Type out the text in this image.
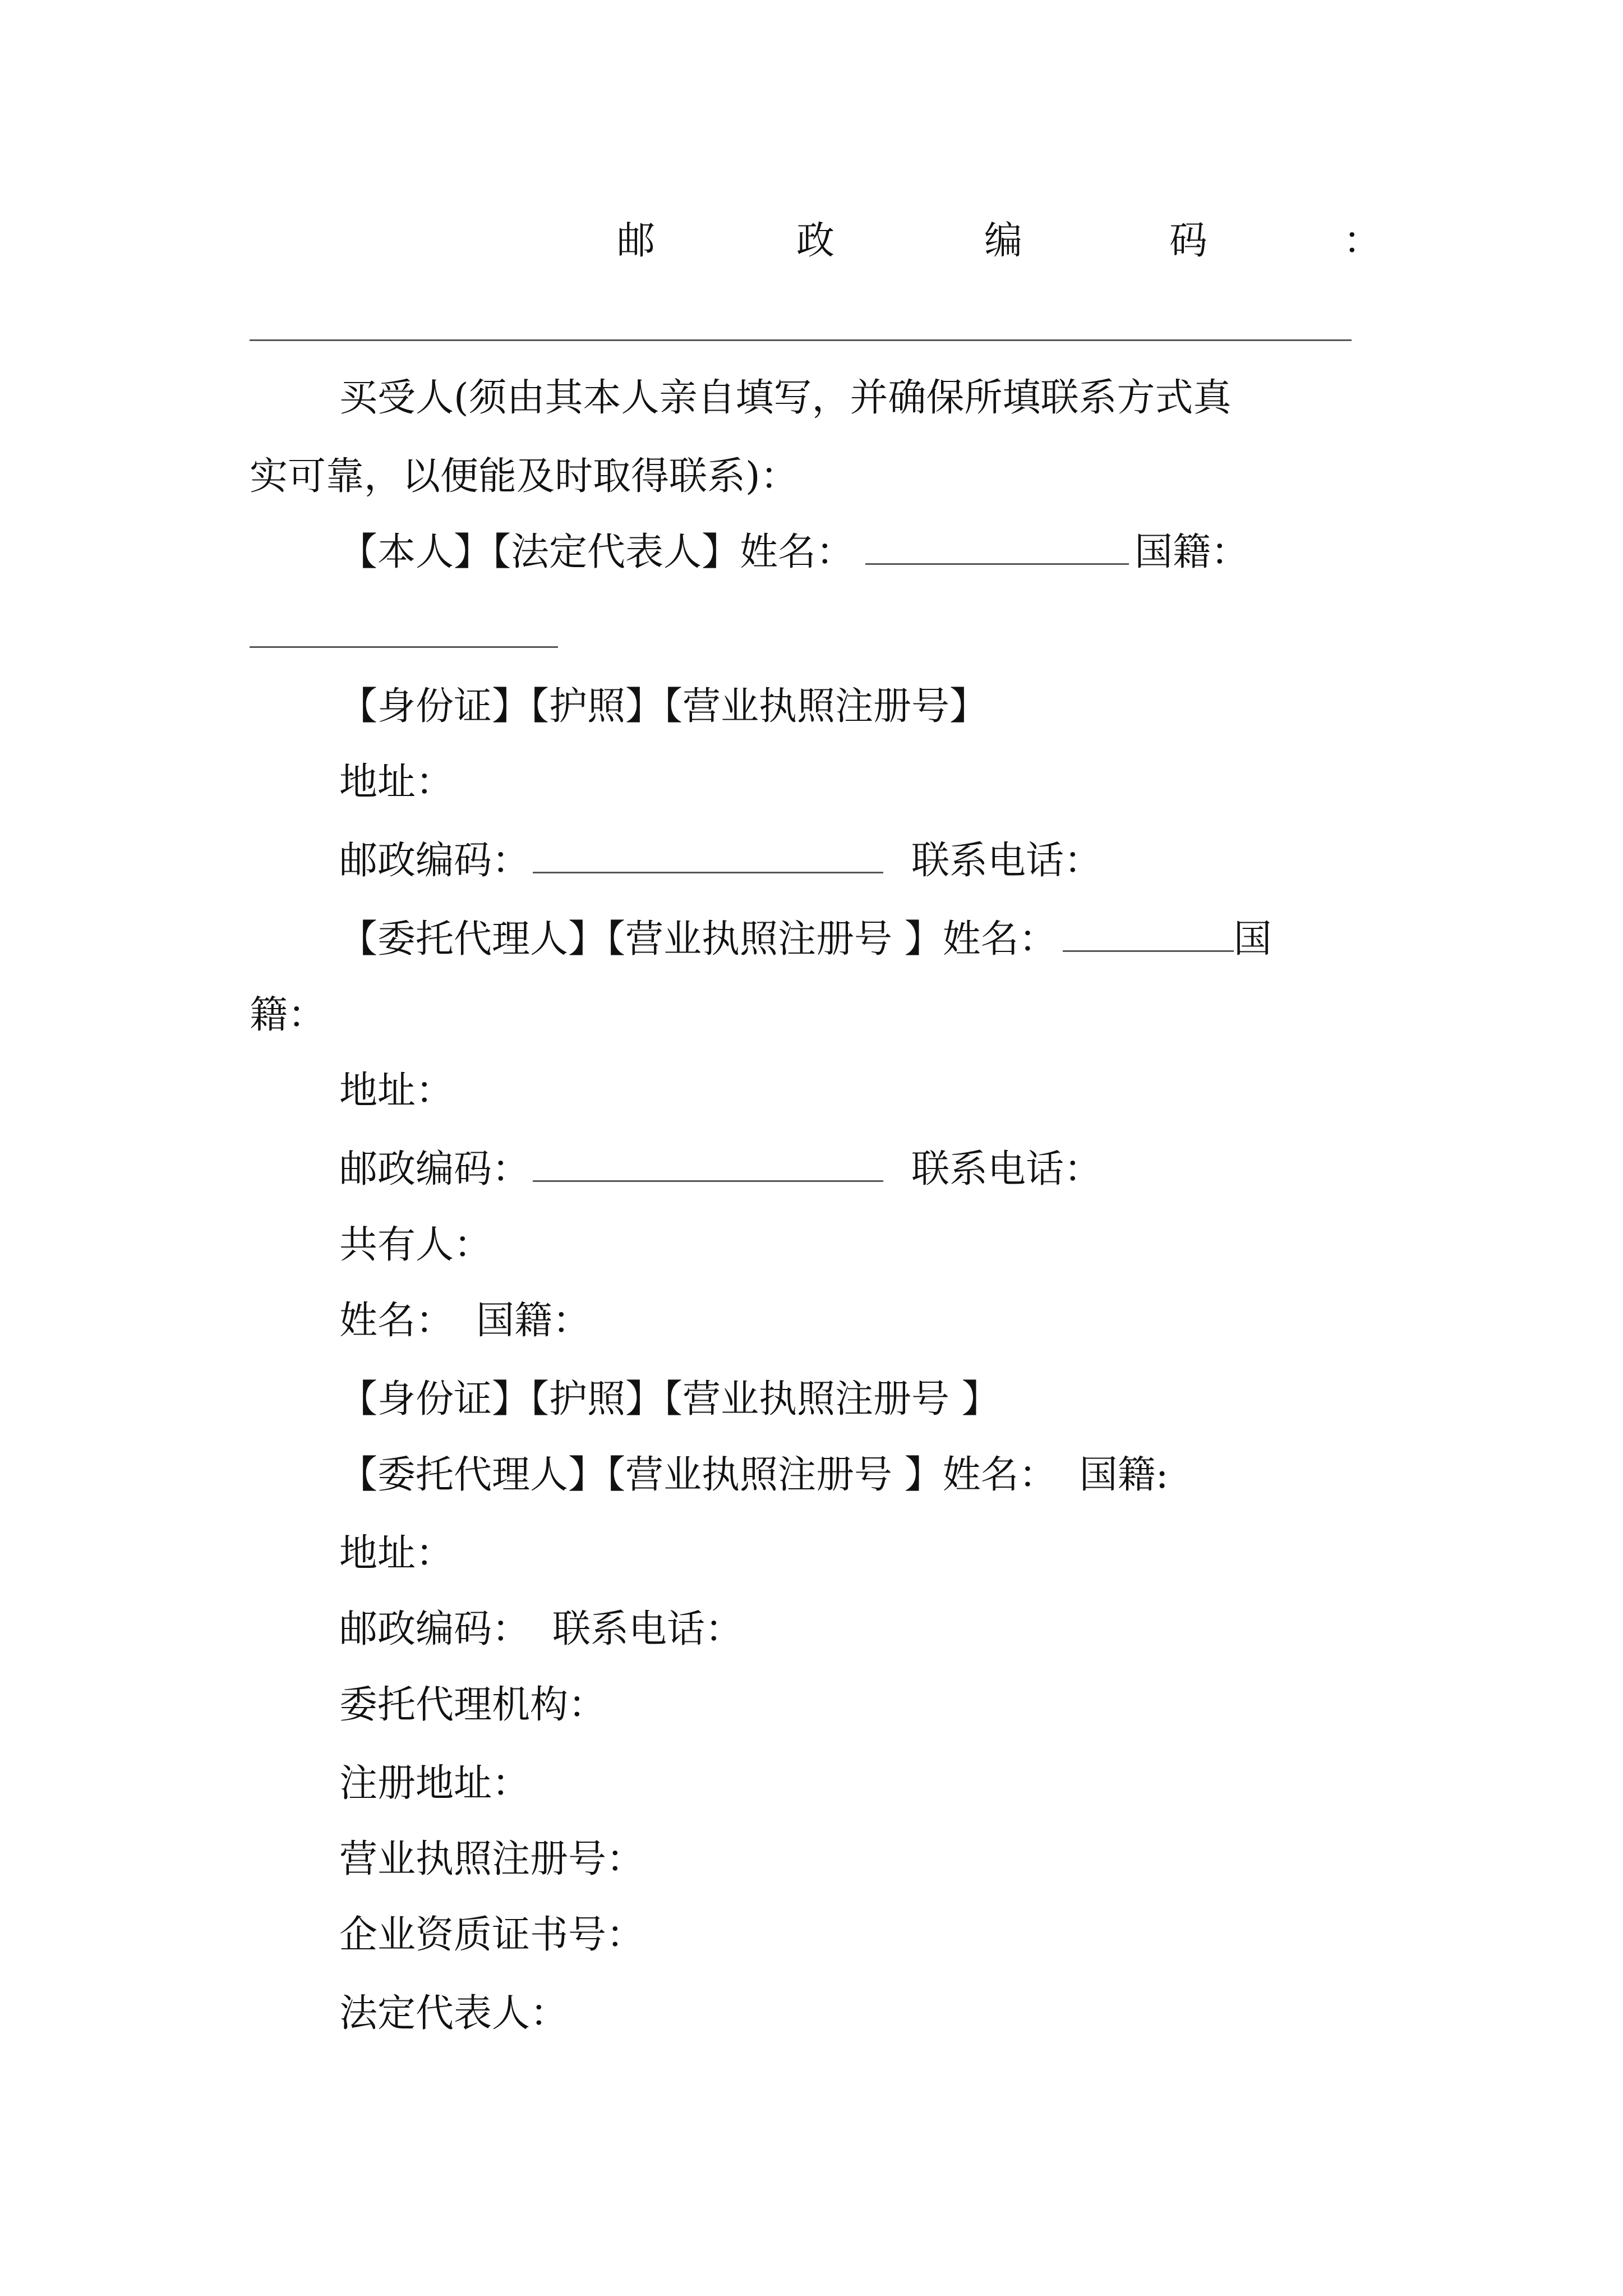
邮	政	编	码	：
买受人(须由其本人亲自填写，并确保所填联系方式真
实可靠，以便能及时取得联系)：
【本人】【法定代表人】姓名：	国籍：
【身份证】【护照】【营业执照注册号】
地址：
邮政编码：	联系电话：
【委托代理人】【营业执照注册号 】姓名：	国
籍：
地址：
邮政编码：	联系电话：
共有人：
姓名： 国籍：
【身份证】【护照】【营业执照注册号 】
【委托代理人】【营业执照注册号 】姓名： 国籍:
地址：
邮政编码： 联系电话：
委托代理机构：
注册地址：
营业执照注册号：
企业资质证书号：
法定代表人：
